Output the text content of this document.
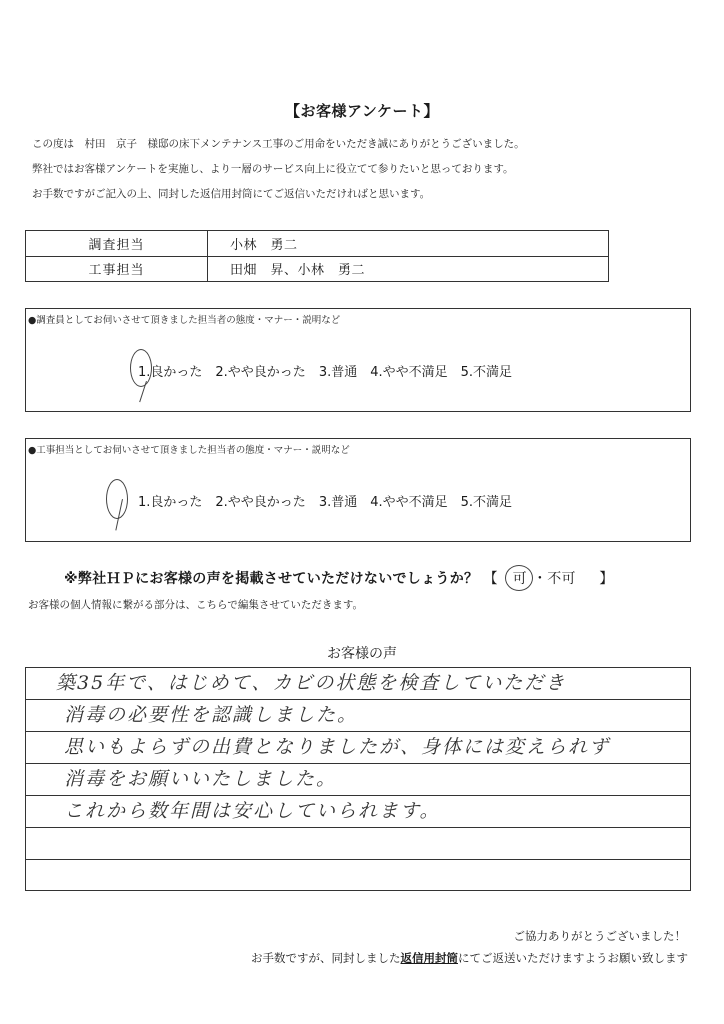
【お客様アンケート】
この度は　村田　京子　様邸の床下メンテナンス工事のご用命をいただき誠にありがとうございました。
弊社ではお客様アンケートを実施し、より一層のサービス向上に役立てて参りたいと思っております。
お手数ですがご記入の上、同封した返信用封筒にてご返信いただければと思います。
調査担当	小林　勇二
工事担当	田畑　昇、小林　勇二
●調査員としてお伺いさせて頂きました担当者の態度・マナー・説明など
1.良かった 2.やや良かった 3.普通 4.やや不満足 5.不満足
●工事担当としてお伺いさせて頂きました担当者の態度・マナー・説明など
1.良かった 2.やや良かった 3.普通 4.やや不満足 5.不満足
※弊社ＨＰにお客様の声を掲載させていただけないでしょうか？ 【 可 ・不可 】
お客様の個人情報に繋がる部分は、こちらで編集させていただきます。
お客様の声
築35年で、はじめて、カビの状態を検査していただき
消毒の必要性を認識しました。
思いもよらずの出費となりましたが、身体には変えられず
消毒をお願いいたしました。
これから数年間は安心していられます。
ご協力ありがとうございました！
お手数ですが、同封しました返信用封筒にてご返送いただけますようお願い致します
